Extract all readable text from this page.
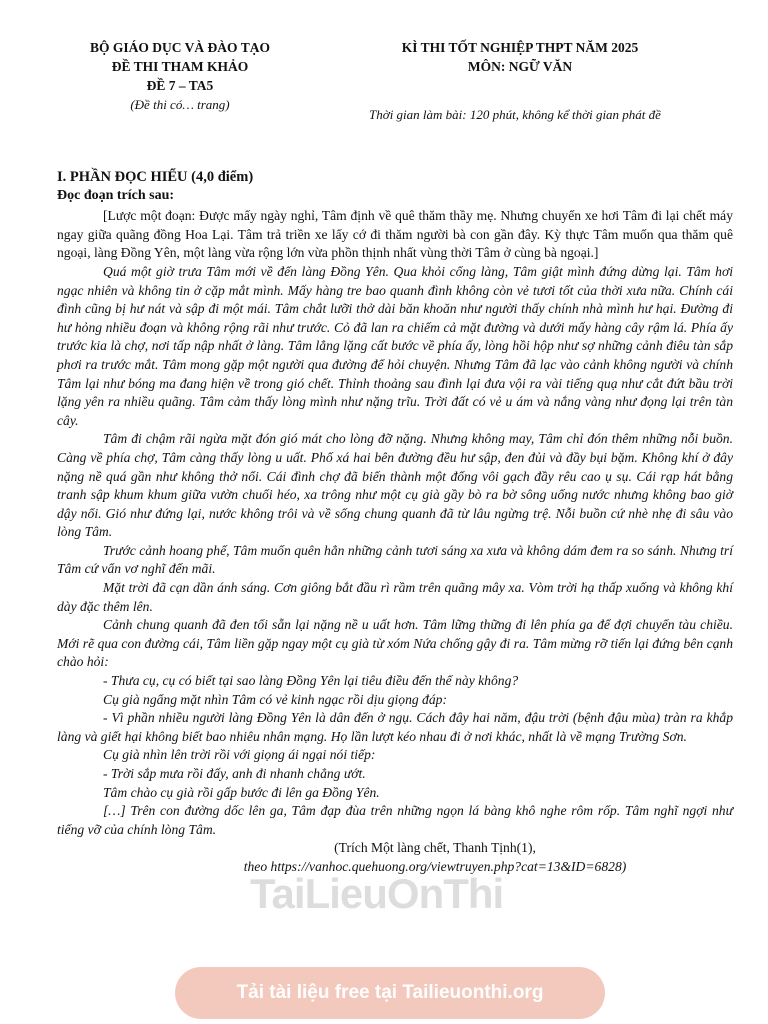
BỘ GIÁO DỤC VÀ ĐÀO TẠO
ĐỀ THI THAM KHẢO
ĐỀ 7 – TA5
(Đề thi có… trang)
KÌ THI TỐT NGHIỆP THPT NĂM 2025
MÔN: NGỮ VĂN
Thời gian làm bài: 120 phút, không kể thời gian phát đề
I. PHẦN ĐỌC HIỂU (4,0 điểm)
Đọc đoạn trích sau:

[Lược một đoạn: Được mấy ngày nghỉ, Tâm định về quê thăm thầy mẹ. Nhưng chuyến xe hơi Tâm đi lại chết máy ngay giữa quãng đồng Hoa Lại. Tâm trả triền xe lấy cớ đi thăm người bà con gần đây. Kỳ thực Tâm muốn qua thăm quê ngoại, làng Đồng Yên, một làng vừa rộng lớn vừa phồn thịnh nhất vùng thời Tâm ở cùng bà ngoại.]

Quá một giờ trưa Tâm mới về đến làng Đồng Yên. Qua khỏi cổng làng, Tâm giật mình đứng dừng lại. Tâm hơi ngạc nhiên và không tin ở cặp mắt mình. Mấy hàng tre bao quanh đình không còn vẻ tươi tốt của thời xưa nữa. Chính cái đình cũng bị hư nát và sập đi một mái. Tâm chắt lưỡi thở dài băn khoăn như người thấy chính nhà mình hư hại. Đường đi hư hỏng nhiều đoạn và không rộng rãi như trước. Cỏ đã lan ra chiếm cả mặt đường và dưới mấy hàng cây rậm lá. Phía ấy trước kia là chợ, nơi tấp nập nhất ở làng. Tâm lẳng lặng cất bước về phía ấy, lòng hồi hộp như sợ những cảnh điêu tàn sắp phơi ra trước mắt. Tâm mong gặp một người qua đường để hỏi chuyện. Nhưng Tâm đã lạc vào cảnh không người và chính Tâm lại như bóng ma đang hiện về trong gió chết. Thỉnh thoảng sau đình lại đưa vội ra vài tiếng quạ như cắt đứt bầu trời lặng yên ra nhiều quãng. Tâm cảm thấy lòng mình như nặng trĩu. Trời đất có vẻ u ám và nắng vàng như đọng lại trên tàn cây.

Tâm đi chậm rãi ngừa mặt đón gió mát cho lòng đỡ nặng. Nhưng không may, Tâm chỉ đón thêm những nỗi buồn. Càng về phía chợ, Tâm càng thấy lòng u uất. Phố xá hai bên đường đều hư sập, đen đủi và đầy bụi bặm. Không khí ở đây nặng nề quá gần như không thở nổi. Cái đình chợ đã biến thành một đống vôi gạch đầy rêu cao ụ sụ. Cái rạp hát bằng tranh sập khum khum giữa vườn chuối héo, xa trông như một cụ già gầy bò ra bờ sông uống nước nhưng không bao giờ dậy nổi. Gió như đứng lại, nước không trôi và về sống chung quanh đã từ lâu ngừng trệ. Nỗi buồn cứ nhè nhẹ đi sâu vào lòng Tâm.

Trước cảnh hoang phế, Tâm muốn quên hẳn những cảnh tươi sáng xa xưa và không dám đem ra so sánh. Nhưng trí Tâm cứ vẩn vơ nghĩ đến mãi.

Mặt trời đã cạn dần ánh sáng. Cơn giông bắt đầu rì rầm trên quãng mây xa. Vòm trời hạ thấp xuống và không khí dày đặc thêm lên.

Cảnh chung quanh đã đen tối sẵn lại nặng nề u uất hơn. Tâm lững thững đi lên phía ga để đợi chuyến tàu chiều. Mới rẽ qua con đường cái, Tâm liền gặp ngay một cụ già từ xóm Nứa chống gậy đi ra. Tâm mừng rỡ tiến lại đứng bên cạnh chào hỏi:

- Thưa cụ, cụ có biết tại sao làng Đồng Yên lại tiêu điều đến thế này không?

Cụ già ngẩng mặt nhìn Tâm có vẻ kinh ngạc rồi dịu giọng đáp:

- Vì phần nhiều người làng Đồng Yên là dân đến ở ngụ. Cách đây hai năm, đậu trời (bệnh đậu mùa) tràn ra khắp làng và giết hại không biết bao nhiêu nhân mạng. Họ lần lượt kéo nhau đi ở nơi khác, nhất là về mạng Trường Sơn.

Cụ già nhìn lên trời rồi với giọng ái ngại nói tiếp:

- Trời sắp mưa rồi đấy, anh đi nhanh chẳng ướt.

Tâm chào cụ già rồi gấp bước đi lên ga Đồng Yên.

[…] Trên con đường dốc lên ga, Tâm đạp đùa trên những ngọn lá bàng khô nghe rôm rốp. Tâm nghĩ ngợi như tiếng vỡ của chính lòng Tâm.

(Trích Một làng chết, Thanh Tịnh(1),

theo https://vanhoc.quehuong.org/viewtruyen.php?cat=13&ID=6828)

TaiLieuOnThi
Tải tài liệu free tại Tailieuonthi.org
